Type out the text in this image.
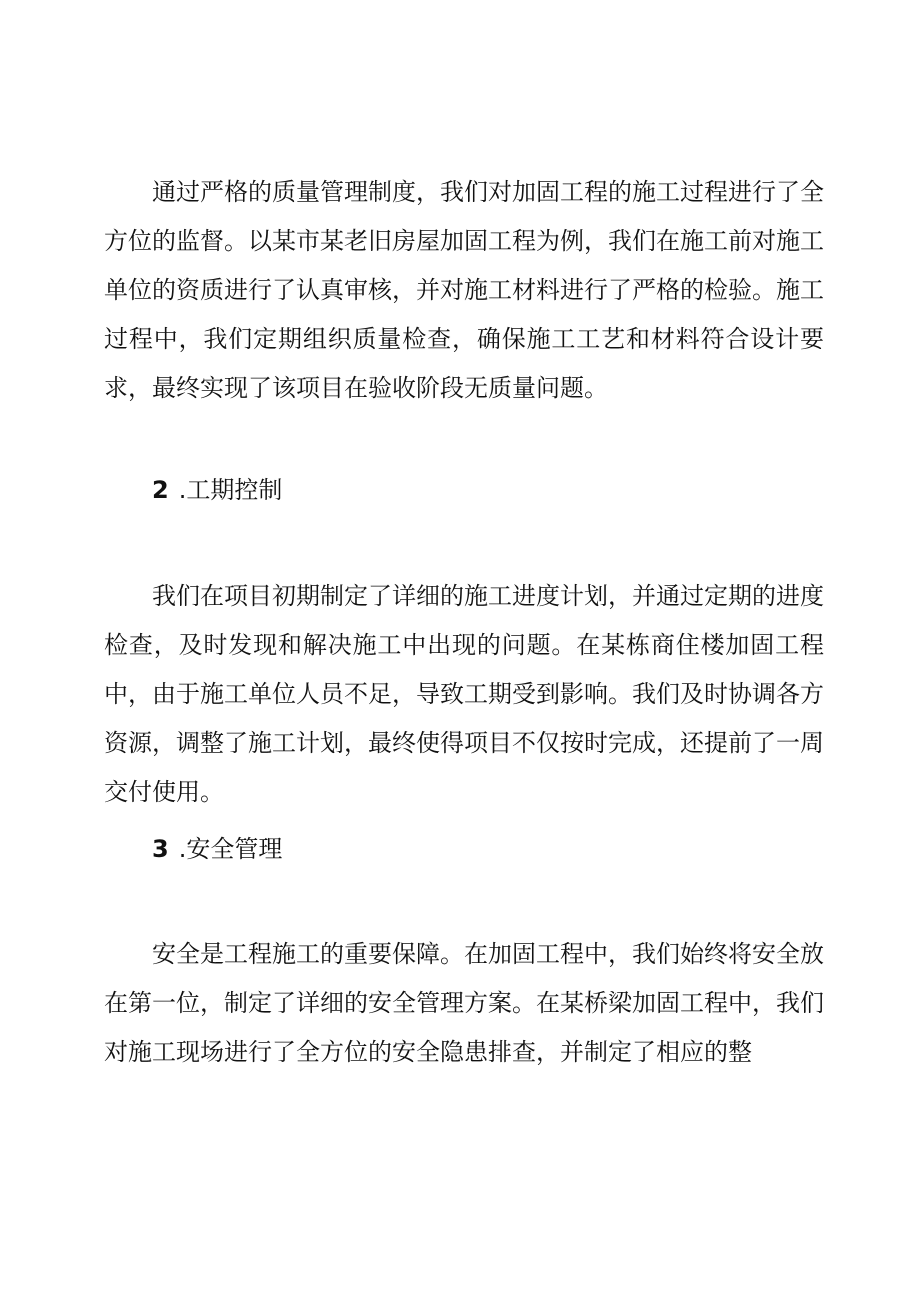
通过严格的质量管理制度，我们对加固工程的施工过程进行了全方位的监督。以某市某老旧房屋加固工程为例，我们在施工前对施工单位的资质进行了认真审核，并对施工材料进行了严格的检验。施工过程中，我们定期组织质量检查，确保施工工艺和材料符合设计要求，最终实现了该项目在验收阶段无质量问题。

2 .工期控制

我们在项目初期制定了详细的施工进度计划，并通过定期的进度检查，及时发现和解决施工中出现的问题。在某栋商住楼加固工程中，由于施工单位人员不足，导致工期受到影响。我们及时协调各方资源，调整了施工计划，最终使得项目不仅按时完成，还提前了一周交付使用。

3 .安全管理

安全是工程施工的重要保障。在加固工程中，我们始终将安全放在第一位，制定了详细的安全管理方案。在某桥梁加固工程中，我们对施工现场进行了全方位的安全隐患排查，并制定了相应的整
